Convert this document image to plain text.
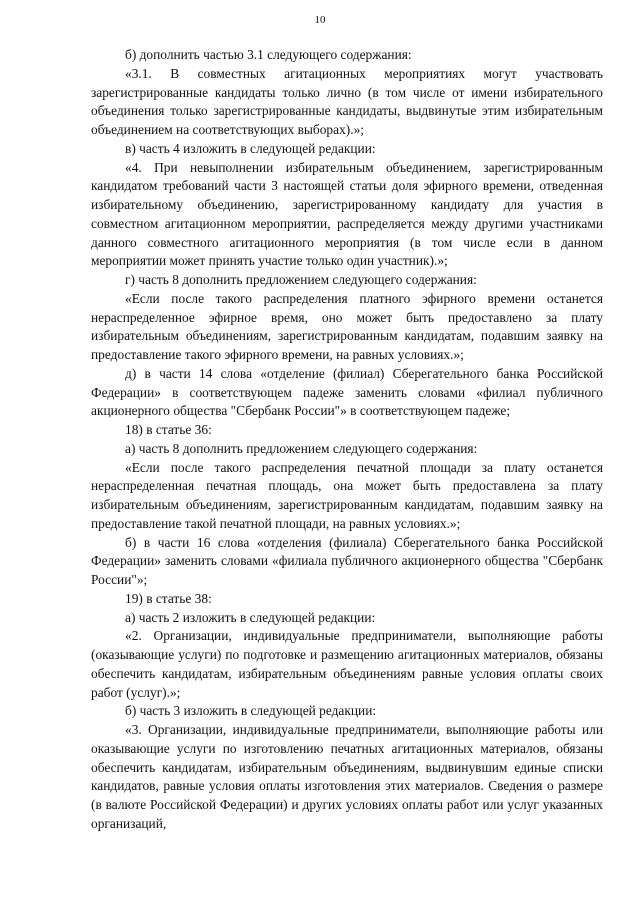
10

б) дополнить частью 3.1 следующего содержания:

«3.1. В совместных агитационных мероприятиях могут участвовать зарегистрированные кандидаты только лично (в том числе от имени избирательного объединения только зарегистрированные кандидаты, выдвинутые этим избирательным объединением на соответствующих выборах).»;

в) часть 4 изложить в следующей редакции:

«4. При невыполнении избирательным объединением, зарегистрированным кандидатом требований части 3 настоящей статьи доля эфирного времени, отведенная избирательному объединению, зарегистрированному кандидату для участия в совместном агитационном мероприятии, распределяется между другими участниками данного совместного агитационного мероприятия (в том числе если в данном мероприятии может принять участие только один участник).»;

г) часть 8 дополнить предложением следующего содержания:

«Если после такого распределения платного эфирного времени останется нераспределенное эфирное время, оно может быть предоставлено за плату избирательным объединениям, зарегистрированным кандидатам, подавшим заявку на предоставление такого эфирного времени, на равных условиях.»;

д) в части 14 слова «отделение (филиал) Сберегательного банка Российской Федерации» в соответствующем падеже заменить словами «филиал публичного акционерного общества "Сбербанк России"» в соответствующем падеже;

18) в статье 36:

а) часть 8 дополнить предложением следующего содержания:

«Если после такого распределения печатной площади за плату останется нераспределенная печатная площадь, она может быть предоставлена за плату избирательным объединениям, зарегистрированным кандидатам, подавшим заявку на предоставление такой печатной площади, на равных условиях.»;

б) в части 16 слова «отделения (филиала) Сберегательного банка Российской Федерации» заменить словами «филиала публичного акционерного общества "Сбербанк России"»;

19) в статье 38:

а) часть 2 изложить в следующей редакции:

«2. Организации, индивидуальные предприниматели, выполняющие работы (оказывающие услуги) по подготовке и размещению агитационных материалов, обязаны обеспечить кандидатам, избирательным объединениям равные условия оплаты своих работ (услуг).»;

б) часть 3 изложить в следующей редакции:

«3. Организации, индивидуальные предприниматели, выполняющие работы или оказывающие услуги по изготовлению печатных агитационных материалов, обязаны обеспечить кандидатам, избирательным объединениям, выдвинувшим единые списки кандидатов, равные условия оплаты изготовления этих материалов. Сведения о размере (в валюте Российской Федерации) и других условиях оплаты работ или услуг указанных организаций,
